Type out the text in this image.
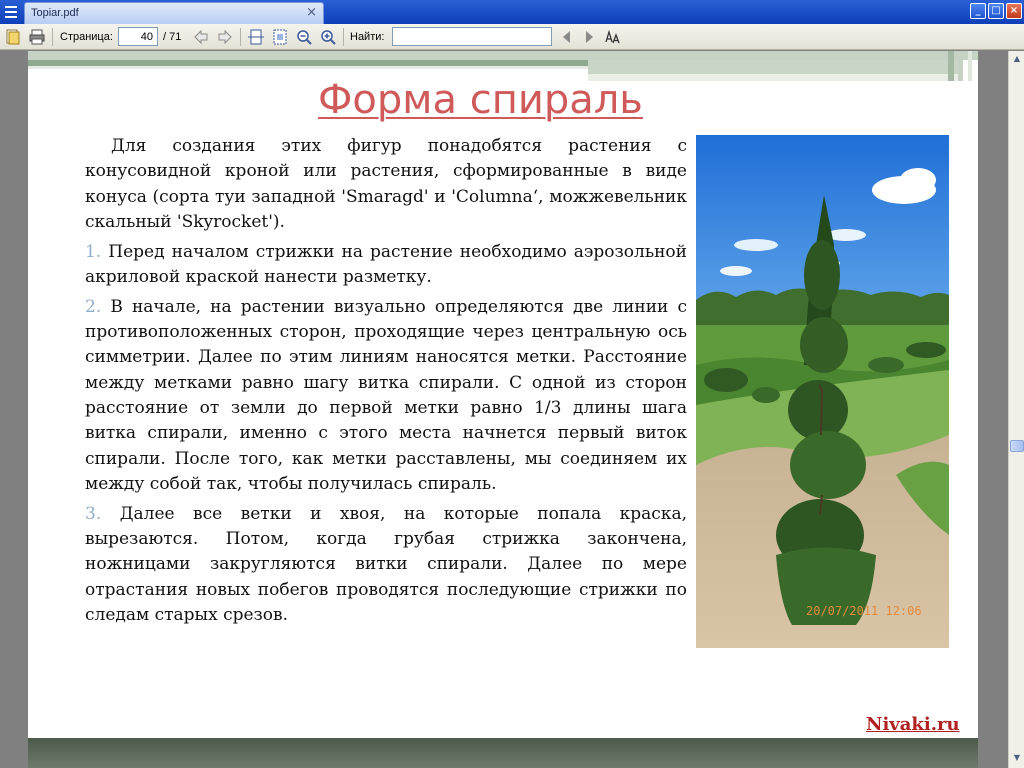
Topiar.pdf	×	_	□ ×
Страница:
40	/ 71	Найти:
Форма спираль

Для создания этих фигур понадобятся растения с конусовидной кроной или растения, сформированные в виде конуса (сорта туи западной 'Smaragd' и 'Columna‘, можжевельник скальный 'Skyrocket').

1. Перед началом стрижки на растение необходимо аэрозольной акриловой краской нанести разметку.

2. В начале, на растении визуально определяются две линии с противоположенных сторон, проходящие через центральную ось симметрии. Далее по этим линиям наносятся метки. Расстояние между метками равно шагу витка спирали. С одной из сторон расстояние от земли до первой метки равно 1/3 длины шага витка спирали, именно с этого места начнется первый виток спирали. После того, как метки расставлены, мы соединяем их между собой так, чтобы получилась спираль.

3. Далее все ветки и хвоя, на которые попала краска, вырезаются. Потом, когда грубая стрижка закончена, ножницами закругляются витки спирали. Далее по мере отрастания новых побегов проводятся последующие стрижки по следам старых срезов.	20/07/2011 12:06
Nivaki.ru
▲
▼
